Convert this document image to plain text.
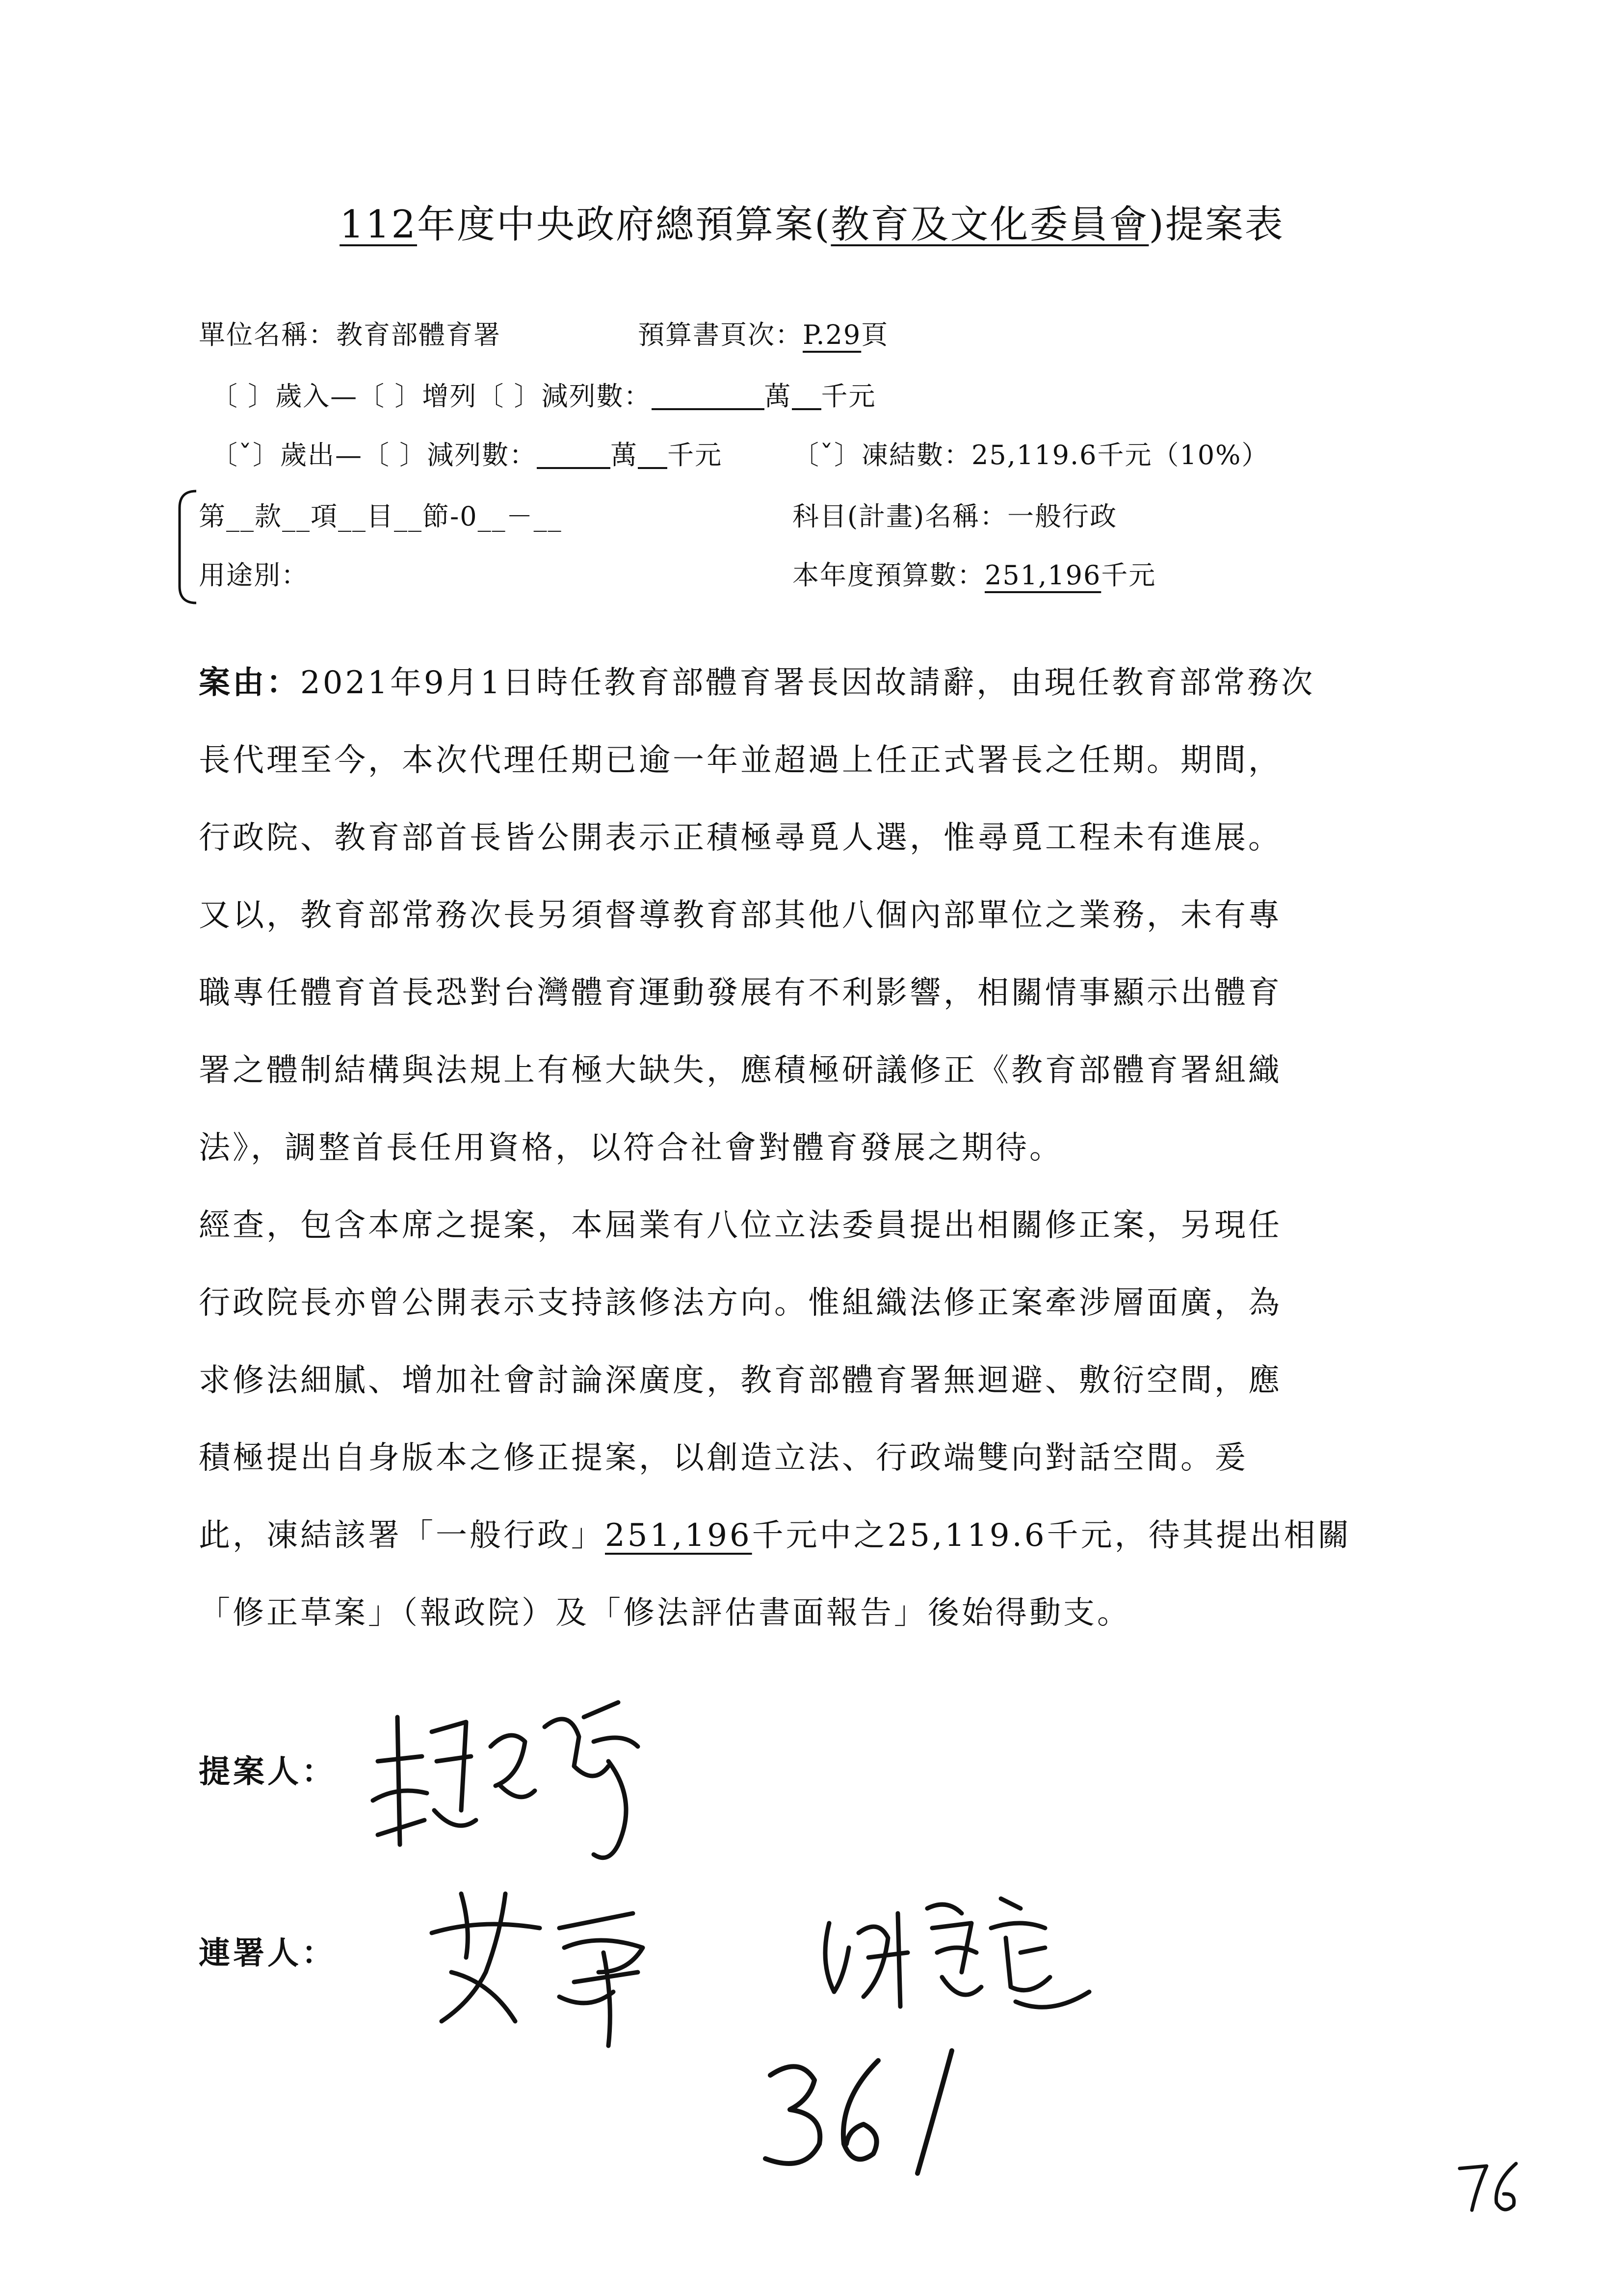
112年度中央政府總預算案(教育及文化委員會)提案表
單位名稱：教育部體育署	預算書頁次：P.29頁
〔 〕歲入—〔 〕增列〔 〕減列數：	萬 千元
〔ˇ〕歲出—〔 〕減列數：	萬 千元	〔ˇ〕凍結數：25,119.6千元（10%）
第__款__項__目__節-0__－__	科目(計畫)名稱：一般行政
用途別：	本年度預算數：251,196千元
案由：2021年9月1日時任教育部體育署長因故請辭，由現任教育部常務次
長代理至今，本次代理任期已逾一年並超過上任正式署長之任期。期間，
行政院、教育部首長皆公開表示正積極尋覓人選，惟尋覓工程未有進展。
又以，教育部常務次長另須督導教育部其他八個內部單位之業務，未有專
職專任體育首長恐對台灣體育運動發展有不利影響，相關情事顯示出體育
署之體制結構與法規上有極大缺失，應積極研議修正《教育部體育署組織
法》，調整首長任用資格，以符合社會對體育發展之期待。
經查，包含本席之提案，本屆業有八位立法委員提出相關修正案，另現任
行政院長亦曾公開表示支持該修法方向。惟組織法修正案牽涉層面廣，為
求修法細膩、增加社會討論深廣度，教育部體育署無迴避、敷衍空間，應
積極提出自身版本之修正提案，以創造立法、行政端雙向對話空間。爰
此，凍結該署「一般行政」251,196千元中之25,119.6千元，待其提出相關
「修正草案」（報政院）及「修法評估書面報告」後始得動支。
提案人：
連署人：
